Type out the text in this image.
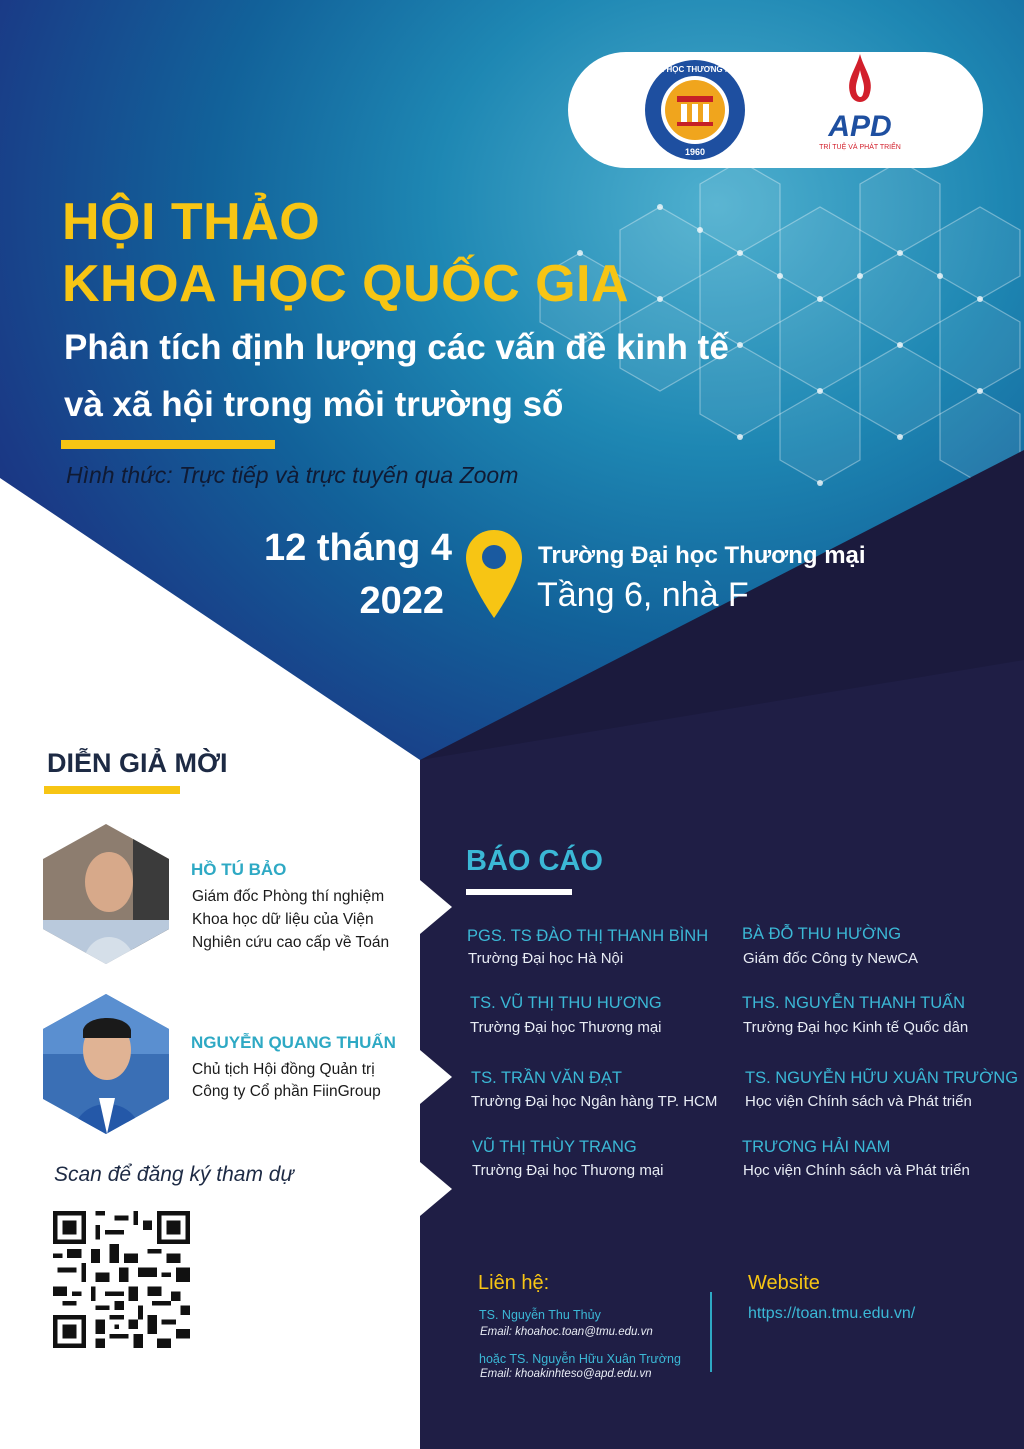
ĐẠI HỌC THƯƠNG MẠI
1960
APD
TRÍ TUỆ VÀ PHÁT TRIỂN
HỘI THẢO
KHOA HỌC QUỐC GIA
Phân tích định lượng các vấn đề kinh tế
và xã hội trong môi trường số
Hình thức: Trực tiếp và trực tuyến qua Zoom
12 tháng 4
2022
Trường Đại học Thương mại
Tầng 6, nhà F
DIỄN GIẢ MỜI
HỒ TÚ BẢO
Giám đốc Phòng thí nghiệm
Khoa học dữ liệu của Viện
Nghiên cứu cao cấp về Toán
NGUYỄN QUANG THUẤN
Chủ tịch Hội đồng Quản trị
Công ty Cổ phần FiinGroup
Scan để đăng ký tham dự
BÁO CÁO
PGS. TS ĐÀO THỊ THANH BÌNH
Trường Đại học Hà Nội
BÀ ĐỖ THU HƯỜNG
Giám đốc Công ty NewCA
TS. VŨ THỊ THU HƯƠNG
Trường Đại học Thương mại
THS. NGUYỄN THANH TUẤN
Trường Đại học Kinh tế Quốc dân
TS. TRẦN VĂN ĐẠT
Trường Đại học Ngân hàng TP. HCM
TS. NGUYỄN HỮU XUÂN TRƯỜNG
Học viện Chính sách và Phát triển
VŨ THỊ THÙY TRANG
Trường Đại học Thương mại
TRƯƠNG HẢI NAM
Học viện Chính sách và Phát triển
Liên hệ:
TS. Nguyễn Thu Thủy
Email: khoahoc.toan@tmu.edu.vn
hoặc TS. Nguyễn Hữu Xuân Trường
Email: khoakinhteso@apd.edu.vn
Website
https://toan.tmu.edu.vn/
